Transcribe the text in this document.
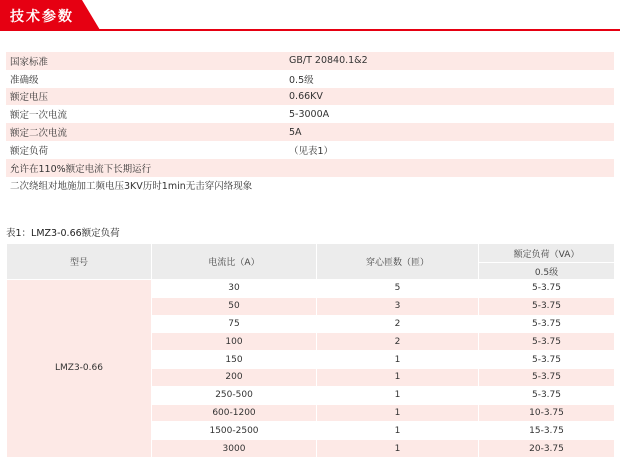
技术参数
国家标准	GB/T 20840.1&2
准确级	0.5级
额定电压	0.66KV
额定一次电流	5-3000A
额定二次电流	5A
额定负荷	（见表1）
允许在110%额定电流下长期运行	
二次绕组对地施加工频电压3KV历时1min无击穿闪络现象	
表1：LMZ3-0.66额定负荷
型号	电流比（A）	穿心匝数（匝）	额定负荷（VA）
			0.5级
LMZ3-0.66	30	5	5-3.75
	50	3	5-3.75
	75	2	5-3.75
	100	2	5-3.75
	150	1	5-3.75
	200	1	5-3.75
	250-500	1	5-3.75
	600-1200	1	10-3.75
	1500-2500	1	15-3.75
	3000	1	20-3.75
